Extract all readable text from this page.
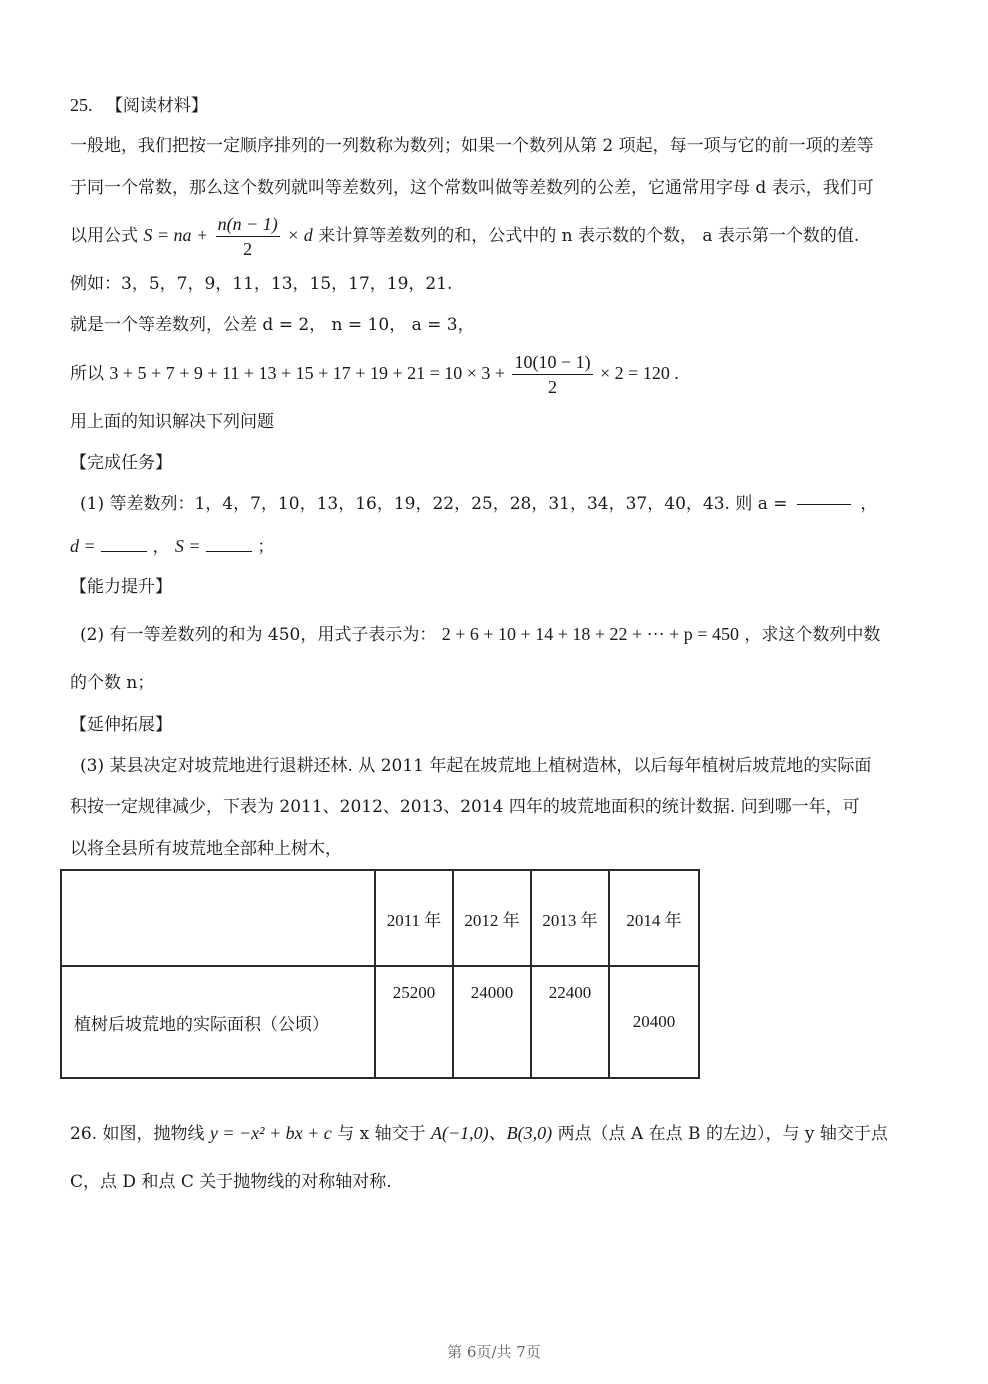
25. 【阅读材料】
一般地，我们把按一定顺序排列的一列数称为数列；如果一个数列从第 2 项起，每一项与它的前一项的差等
于同一个常数，那么这个数列就叫等差数列，这个常数叫做等差数列的公差，它通常用字母 d 表示，我们可
以用公式 S = na + $\frac{n(n - 1)}{2} \times d$ 来计算等差数列的和，公式中的 n 表示数的个数， a 表示第一个数的值.
例如：3，5，7，9，11，13，15，17，19，21.
就是一个等差数列，公差 d = 2， n = 10， a = 3，
所以 $3 + 5 + 7 + 9 + 11 + 13 + 15 + 17 + 19 + 21 = 10 \times 3 + \frac{10(10 - 1)}{2} \times 2 = 120$ .
用上面的知识解决下列问题
【完成任务】
(1) 等差数列：1，4，7，10，13，16，19，22，25，28，31，34，37，40，43. 则 a =	，
d =	， S =	；
【能力提升】
(2) 有一等差数列的和为 450，用式子表示为： 2 + 6 + 10 + 14 + 18 + 22 + ··· + p = 450 ，求这个数列中数
的个数 n；
【延伸拓展】
(3) 某县决定对坡荒地进行退耕还林. 从 2011 年起在坡荒地上植树造林，以后每年植树后坡荒地的实际面
积按一定规律减少，下表为 2011、2012、2013、2014 四年的坡荒地面积的统计数据. 问到哪一年，可
以将全县所有坡荒地全部种上树木，
	2011 年	2012 年	2013 年	2014 年
植树后坡荒地的实际面积（公顷）	25200	24000	22400	20400
26. 如图，抛物线 y = −x² + bx + c 与 x 轴交于 A(−1,0)、B(3,0) 两点（点 A 在点 B 的左边），与 y 轴交于点
C，点 D 和点 C 关于抛物线的对称轴对称.
第 6页/共 7页
